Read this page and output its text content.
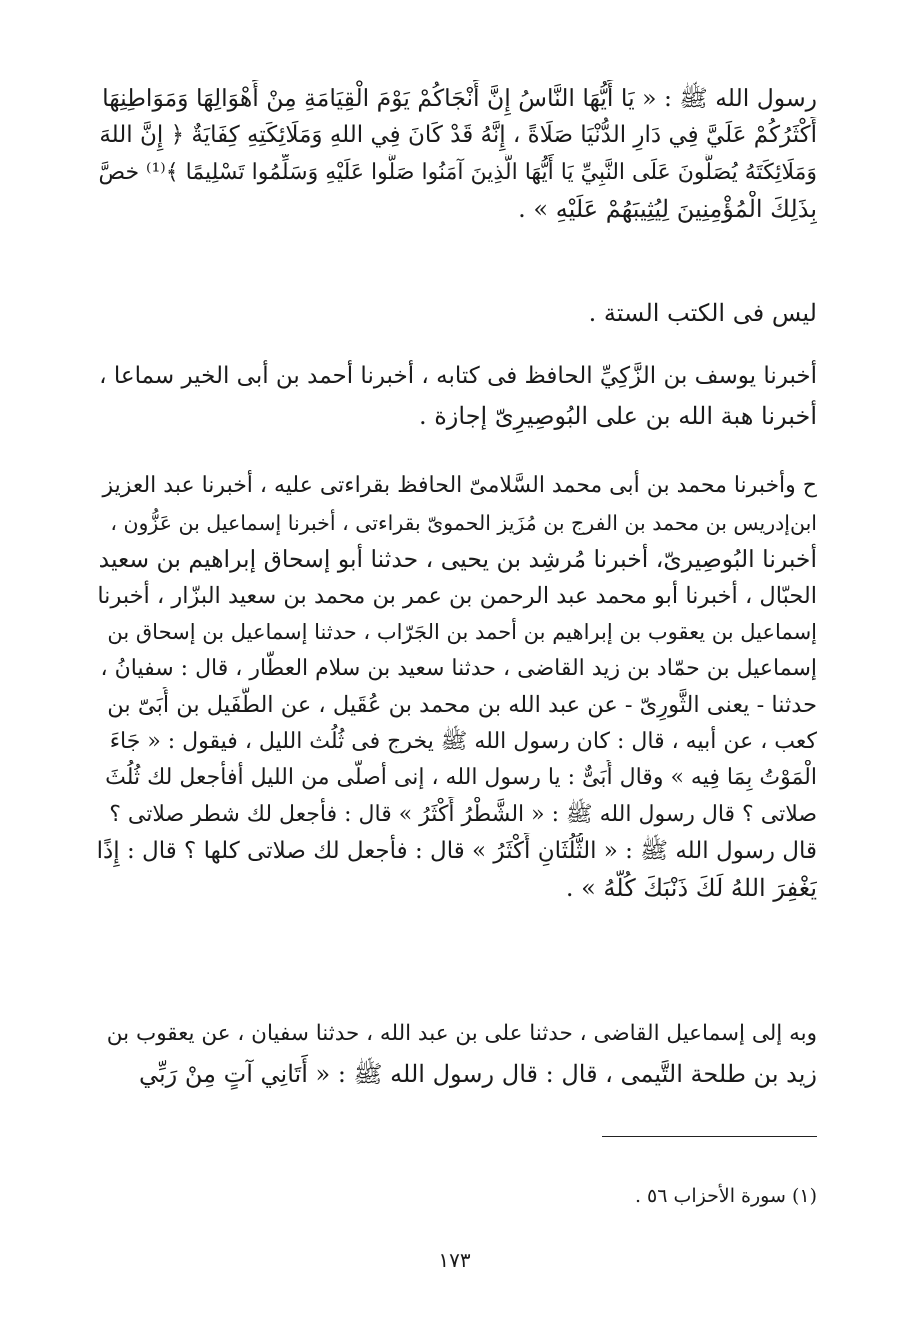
رسول الله ﷺ : « يَا أَيُّهَا النَّاسُ إِنَّ أَنْجَاكُمْ يَوْمَ الْقِيَامَةِ مِنْ أَهْوَالِهَا وَمَوَاطِنِهَا
أَكْثَرُكُمْ عَلَيَّ فِي دَارِ الدُّنْيَا صَلَاةً ، إِنَّهُ قَدْ كَانَ فِي اللهِ وَمَلَائِكَتِهِ كِفَايَةٌ ﴿ إِنَّ اللهَ
وَمَلَائِكَتَهُ يُصَلُّونَ عَلَى النَّبِيِّ يَا أَيُّهَا الَّذِينَ آمَنُوا صَلُّوا عَلَيْهِ وَسَلِّمُوا تَسْلِيمًا ﴾⁽¹⁾ خصَّ
بِذَلِكَ الْمُؤْمِنِينَ لِيُثِيبَهُمْ عَلَيْهِ » .
ليس فى الكتب الستة .
أخبرنا يوسف بن الزَّكِيِّ الحافظ فى كتابه ، أخبرنا أحمد بن أبى الخير سماعا ،
أخبرنا هبة الله بن على البُوصِيرِىّ إجازة .
ح وأخبرنا محمد بن أبى محمد السَّلامىّ الحافظ بقراءتى عليه ، أخبرنا عبد العزيز
ابن‌إدريس بن محمد بن الفرج بن مُزَيز الحموىّ بقراءتى ، أخبرنا إسماعيل بن عَزُّون ،
أخبرنا البُوصِيرىّ، أخبرنا مُرشِد بن يحيى ، حدثنا أبو إسحاق إبراهيم بن سعيد
الحبّال ، أخبرنا أبو محمد عبد الرحمن بن عمر بن محمد بن سعيد البزّار ، أخبرنا
إسماعيل بن يعقوب بن إبراهيم بن أحمد بن الجَرّاب ، حدثنا إسماعيل بن إسحاق بن
إسماعيل بن حمّاد بن زيد القاضى ، حدثنا سعيد بن سلام العطّار ، قال : سفيانُ ،
حدثنا - يعنى الثَّورِىّ - عن عبد الله بن محمد بن عُقَيل ، عن الطُّفَيل بن أُبَىّ بن
كعب ، عن أبيه ، قال : كان رسول الله ﷺ يخرج فى ثُلُث الليل ، فيقول : « جَاءَ
الْمَوْتُ بِمَا فِيه » وقال أُبَىٌّ : يا رسول الله ، إنى أصلّى من الليل أفأجعل لك ثُلُثَ
صلاتى ؟ قال رسول الله ﷺ : « الشَّطْرُ أَكْثَرُ » قال : فأجعل لك شطر صلاتى ؟
قال رسول الله ﷺ : « الثُّلُثَانِ أَكْثَرُ » قال : فأجعل لك صلاتى كلها ؟ قال : إِذًا
يَغْفِرَ اللهُ لَكَ ذَنْبَكَ كُلَّهُ » .
وبه إلى إسماعيل القاضى ، حدثنا على بن عبد الله ، حدثنا سفيان ، عن يعقوب بن
زيد بن طلحة التَّيمى ، قال : قال رسول الله ﷺ : « أَتَانِي آتٍ مِنْ رَبِّي
(١) سورة الأحزاب ٥٦ .
١٧٣
